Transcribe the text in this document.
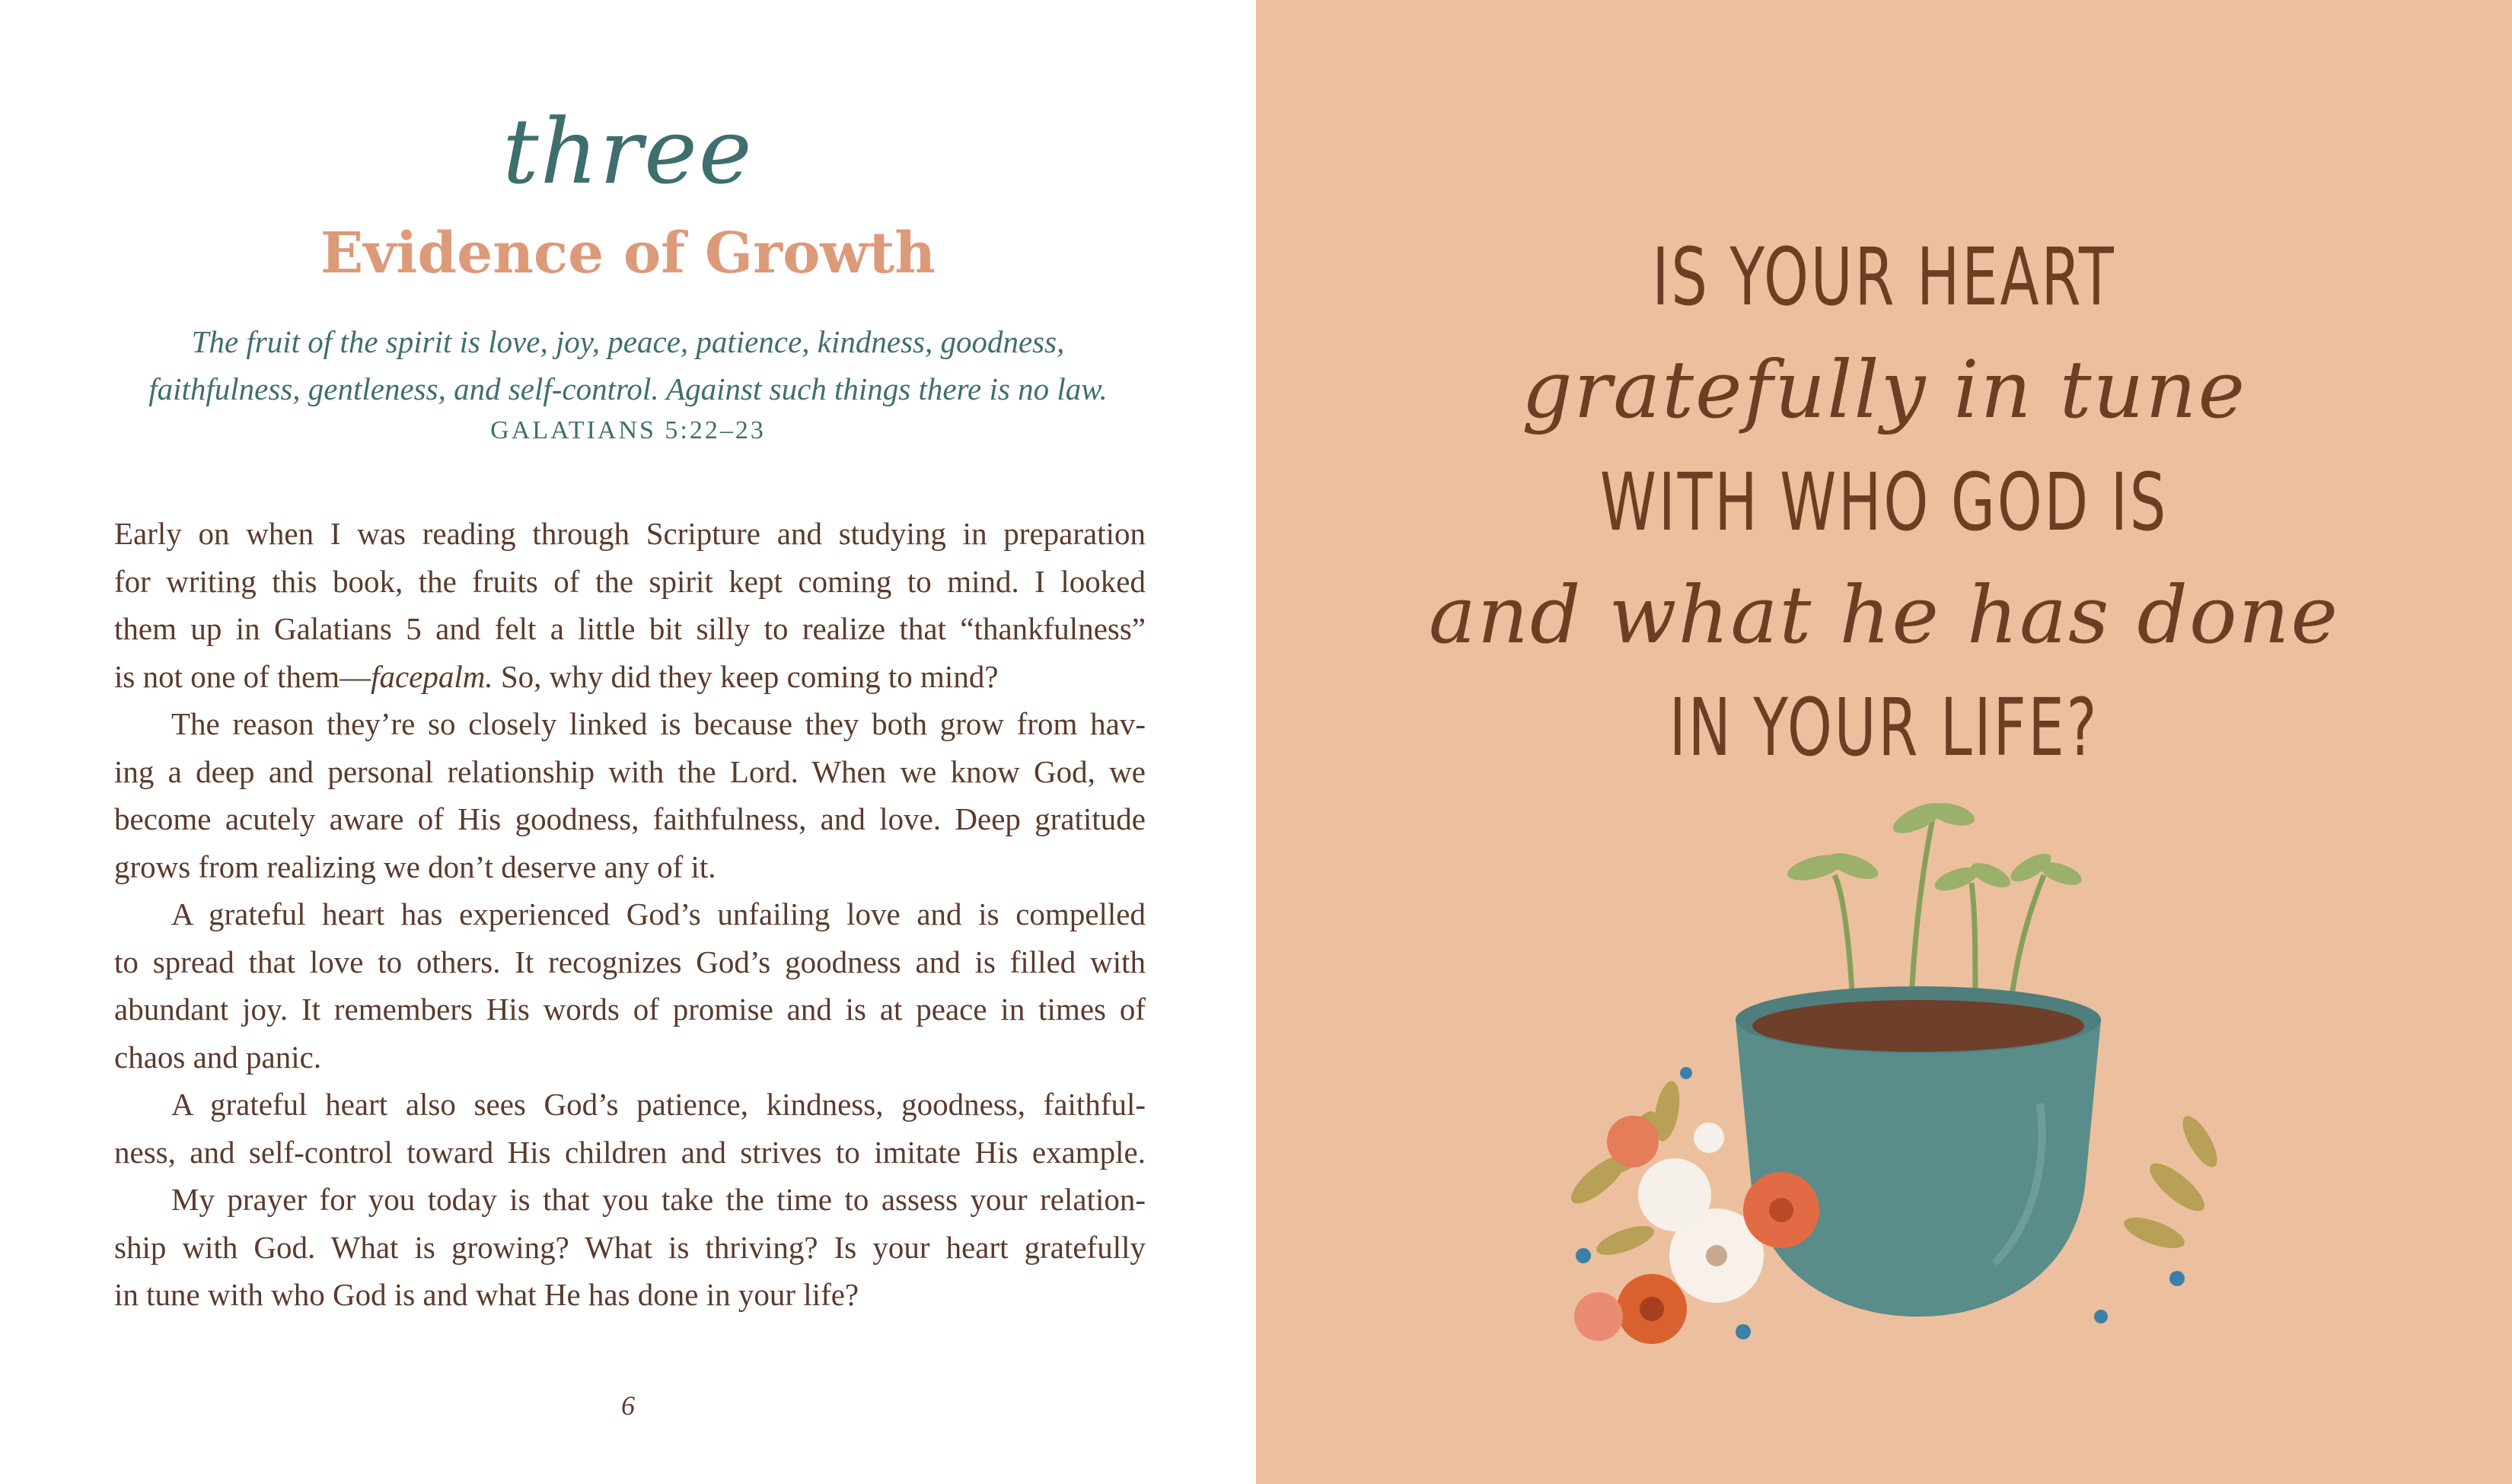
three
Evidence of Growth
The fruit of the spirit is love, joy, peace, patience, kindness, goodness,
faithfulness, gentleness, and self-control. Against such things there is no law.
GALATIANS 5:22–23
Early on when I was reading through Scripture and studying in preparation
for writing this book, the fruits of the spirit kept coming to mind. I looked
them up in Galatians 5 and felt a little bit silly to realize that “thankfulness”
is not one of them—facepalm. So, why did they keep coming to mind?
The reason they’re so closely linked is because they both grow from hav-
ing a deep and personal relationship with the Lord. When we know God, we
become acutely aware of His goodness, faithfulness, and love. Deep gratitude
grows from realizing we don’t deserve any of it.
A grateful heart has experienced God’s unfailing love and is compelled
to spread that love to others. It recognizes God’s goodness and is filled with
abundant joy. It remembers His words of promise and is at peace in times of
chaos and panic.
A grateful heart also sees God’s patience, kindness, goodness, faithful-
ness, and self-control toward His children and strives to imitate His example.
My prayer for you today is that you take the time to assess your relation-
ship with God. What is growing? What is thriving? Is your heart gratefully
in tune with who God is and what He has done in your life?
6
IS YOUR HEART
gratefully in tune
WITH WHO GOD IS
and what he has done
IN YOUR LIFE?
